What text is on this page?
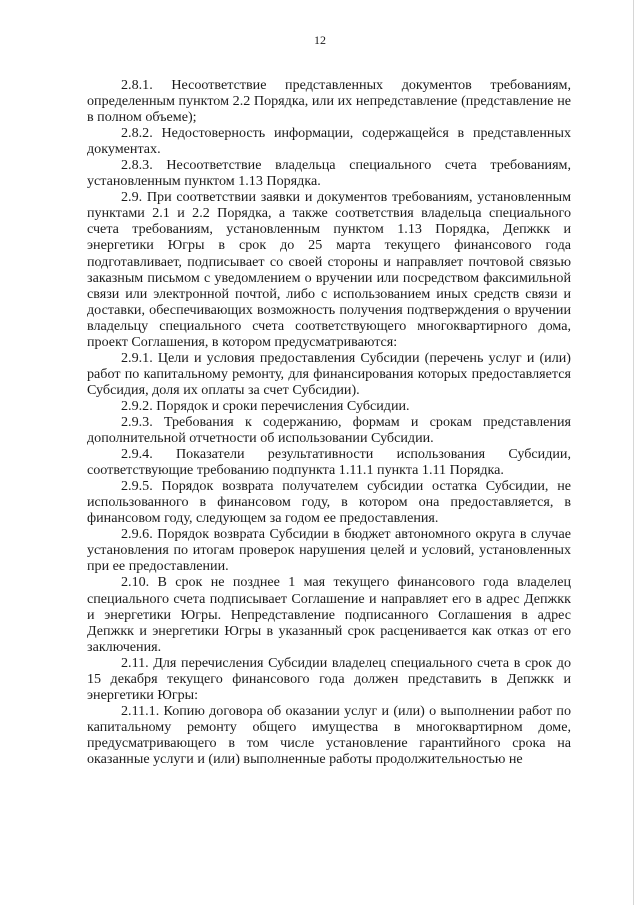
12

2.8.1. Несоответствие представленных документов требованиям, определенным пунктом 2.2 Порядка, или их непредставление (представление не в полном объеме);

2.8.2. Недостоверность информации, содержащейся в представленных документах.

2.8.3. Несоответствие владельца специального счета требованиям, установленным пунктом 1.13 Порядка.

2.9. При соответствии заявки и документов требованиям, установленным пунктами 2.1 и 2.2 Порядка, а также соответствия владельца специального счета требованиям, установленным пунктом 1.13 Порядка, Депжкк и энергетики Югры в срок до 25 марта текущего финансового года подготавливает, подписывает со своей стороны и направляет почтовой связью заказным письмом с уведомлением о вручении или посредством факсимильной связи или электронной почтой, либо с использованием иных средств связи и доставки, обеспечивающих возможность получения подтверждения о вручении владельцу специального счета соответствующего многоквартирного дома, проект Соглашения, в котором предусматриваются:

2.9.1. Цели и условия предоставления Субсидии (перечень услуг и (или) работ по капитальному ремонту, для финансирования которых предоставляется Субсидия, доля их оплаты за счет Субсидии).

2.9.2. Порядок и сроки перечисления Субсидии.

2.9.3. Требования к содержанию, формам и срокам представления дополнительной отчетности об использовании Субсидии.

2.9.4. Показатели результативности использования Субсидии, соответствующие требованию подпункта 1.11.1 пункта 1.11 Порядка.

2.9.5. Порядок возврата получателем субсидии остатка Субсидии, не использованного в финансовом году, в котором она предоставляется, в финансовом году, следующем за годом ее предоставления.

2.9.6. Порядок возврата Субсидии в бюджет автономного округа в случае установления по итогам проверок нарушения целей и условий, установленных при ее предоставлении.

2.10. В срок не позднее 1 мая текущего финансового года владелец специального счета подписывает Соглашение и направляет его в адрес Депжкк и энергетики Югры. Непредставление подписанного Соглашения в адрес Депжкк и энергетики Югры в указанный срок расценивается как отказ от его заключения.

2.11. Для перечисления Субсидии владелец специального счета в срок до 15 декабря текущего финансового года должен представить в Депжкк и энергетики Югры:

2.11.1. Копию договора об оказании услуг и (или) о выполнении работ по капитальному ремонту общего имущества в многоквартирном доме, предусматривающего в том числе установление гарантийного срока на оказанные услуги и (или) выполненные работы продолжительностью не
